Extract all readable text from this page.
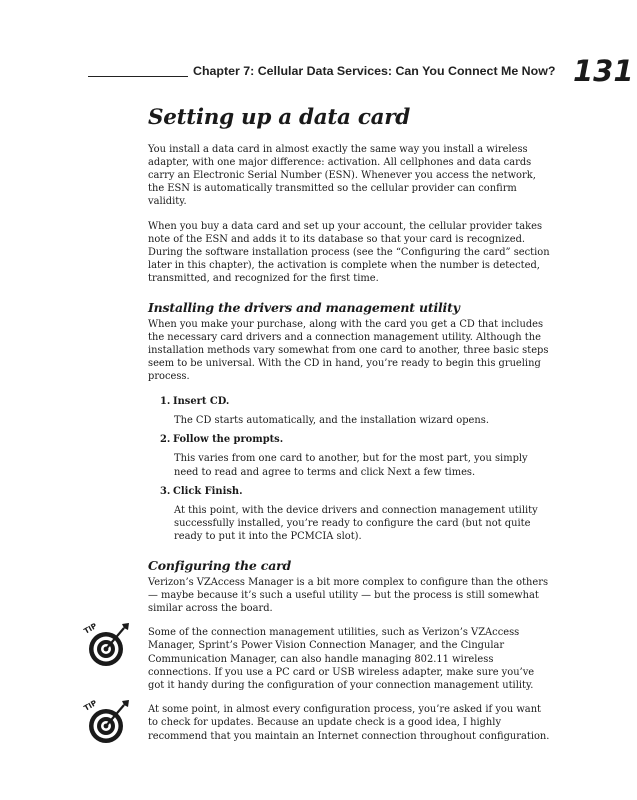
Chapter 7: Cellular Data Services: Can You Connect Me Now? 131
Setting up a data card

You install a data card in almost exactly the same way you install a wireless adapter, with one major difference: activation. All cellphones and data cards carry an Electronic Serial Number (ESN). Whenever you access the network, the ESN is automatically transmitted so the cellular provider can confirm validity.

When you buy a data card and set up your account, the cellular provider takes note of the ESN and adds it to its database so that your card is recognized. During the software installation process (see the “Configuring the card” section later in this chapter), the activation is complete when the number is detected, transmitted, and recognized for the first time.

Installing the drivers and management utility

When you make your purchase, along with the card you get a CD that includes the necessary card drivers and a connection management utility. Although the installation methods vary somewhat from one card to another, three basic steps seem to be universal. With the CD in hand, you’re ready to begin this grueling process.

1. Insert CD.
The CD starts automatically, and the installation wizard opens.
2. Follow the prompts.
This varies from one card to another, but for the most part, you simply need to read and agree to terms and click Next a few times.
3. Click Finish.
At this point, with the device drivers and connection management utility successfully installed, you’re ready to configure the card (but not quite ready to put it into the PCMCIA slot).
Configuring the card

Verizon’s VZAccess Manager is a bit more complex to configure than the others — maybe because it’s such a useful utility — but the process is still somewhat similar across the board.

TIP	Some of the connection management utilities, such as Verizon’s VZAccess Manager, Sprint’s Power Vision Connection Manager, and the Cingular Communication Manager, can also handle managing 802.11 wireless connections. If you use a PC card or USB wireless adapter, make sure you’ve got it handy during the configuration of your connection management utility.

TIP	At some point, in almost every configuration process, you’re asked if you want to check for updates. Because an update check is a good idea, I highly recommend that you maintain an Internet connection throughout configuration.
